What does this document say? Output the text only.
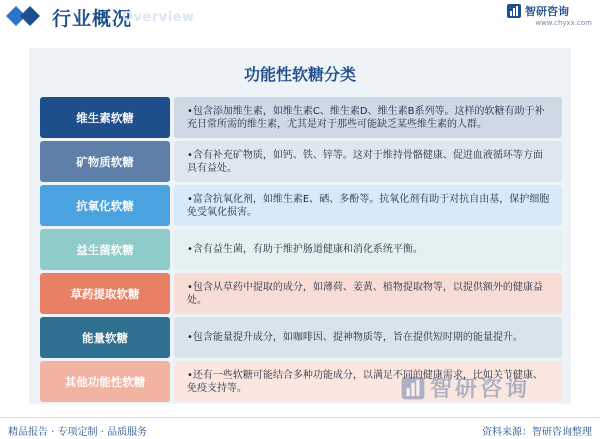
行业概况
Overview	智研咨询
www.chyxx.com
功能性软糖分类
维生素软糖	•包含添加维生素，如维生素C、维生素D、维生素B系列等。这样的软糖有助于补充日常所需的维生素，尤其是对于那些可能缺乏某些维生素的人群。
矿物质软糖	•含有补充矿物质，如钙、铁、锌等。这对于维持骨骼健康、促进血液循环等方面具有益处。
抗氧化软糖	•富含抗氧化剂，如维生素E、硒、多酚等。抗氧化剂有助于对抗自由基，保护细胞免受氧化损害。
益生菌软糖	•含有益生菌，有助于维护肠道健康和消化系统平衡。
草药提取软糖	•包含从草药中提取的成分，如薄荷、姜黄、植物提取物等，以提供额外的健康益处。
能量软糖	•包含能量提升成分，如咖啡因、提神物质等，旨在提供短时期的能量提升。
其他功能性软糖	•还有一些软糖可能结合多种功能成分，以满足不同的健康需求，比如关节健康、免疫支持等。	智研咨询
精品报告 · 专项定制 · 品质服务	资料来源：智研咨询整理
